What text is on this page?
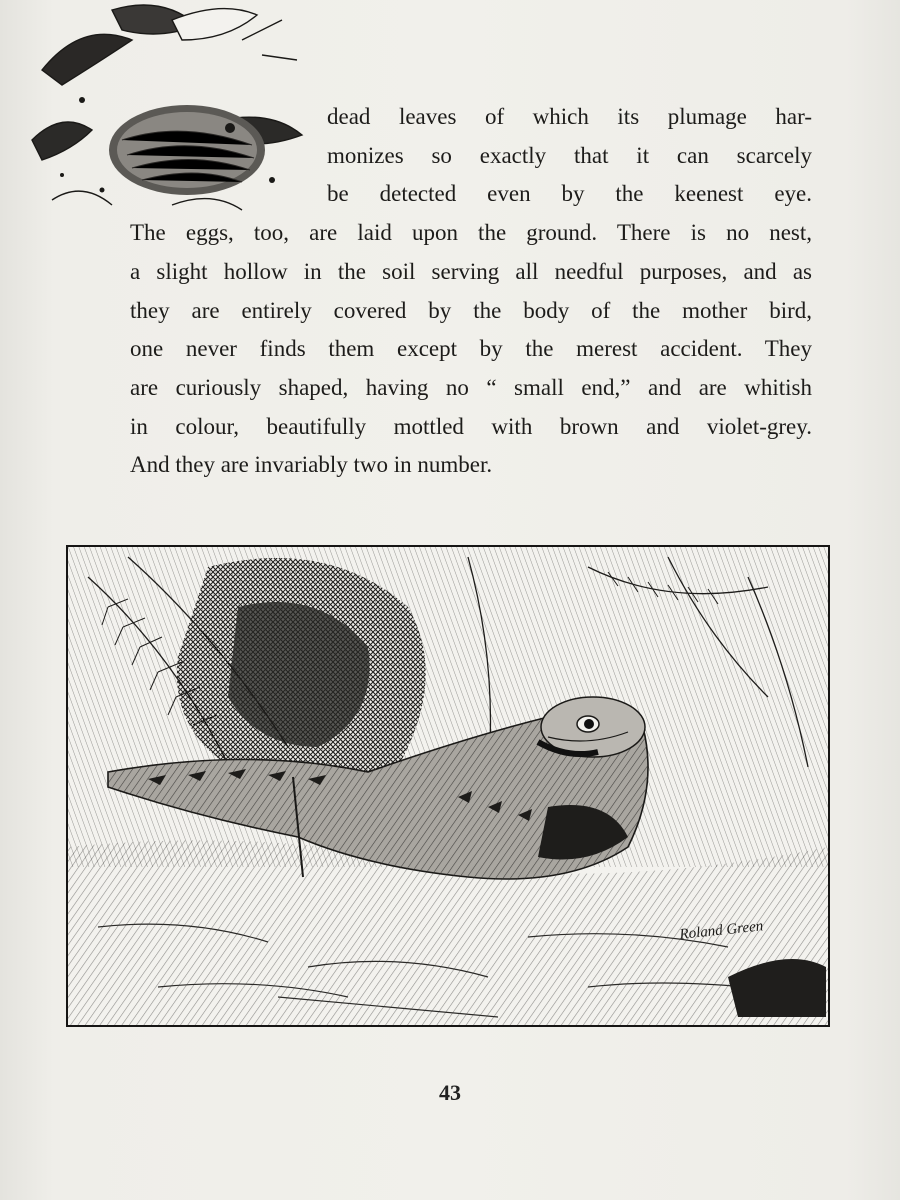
dead leaves of which its plumage har-
monizes so exactly that it can scarcely
be detected even by the keenest eye.
The eggs, too, are laid upon the ground. There is no nest,
a slight hollow in the soil serving all needful purposes, and as
they are entirely covered by the body of the mother bird,
one never finds them except by the merest accident. They
are curiously shaped, having no “ small end,” and are whitish
in colour, beautifully mottled with brown and violet-grey.
And they are invariably two in number.
Roland Green
43
